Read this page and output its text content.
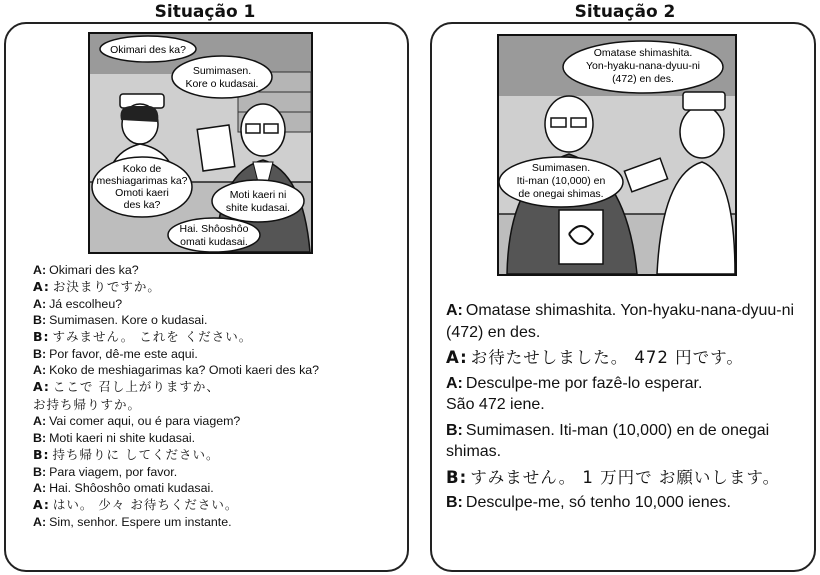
Situação 1	Situação 2
Okimari des ka?
Sumimasen.
Kore o kudasai.
Koko de
meshiagarimas ka?
Omoti kaeri
des ka?
Moti kaeri ni
shite kudasai.
Hai. Shôoshôo
omati kudasai.
Omatase shimashita.
Yon-hyaku-nana-dyuu-ni
(472) en des.
Sumimasen.
Iti-man (10,000) en
de onegai shimas.
A: Okimari des ka?
A: お決まりですか。
A: Já escolheu?
B: Sumimasen. Kore o kudasai.
B: すみません。 これを ください。
B: Por favor, dê-me este aqui.
A: Koko de meshiagarimas ka? Omoti kaeri des ka?
A: ここで 召し上がりますか、
お持ち帰りすか。
A: Vai comer aqui, ou é para viagem?
B: Moti kaeri ni shite kudasai.
B: 持ち帰りに してください。
B: Para viagem, por favor.
A: Hai. Shôoshôo omati kudasai.
A: はい。 少々 お待ちください。
A: Sim, senhor. Espere um instante.
A: Omatase shimashita. Yon-hyaku-nana-dyuu-ni (472) en des.
A: お待たせしました。 472 円です。
A: Desculpe-me por fazê-lo esperar.
São 472 iene.
B: Sumimasen. Iti-man (10,000) en de onegai shimas.
B: すみません。 1 万円で お願いします。
B: Desculpe-me, só tenho 10,000 ienes.
